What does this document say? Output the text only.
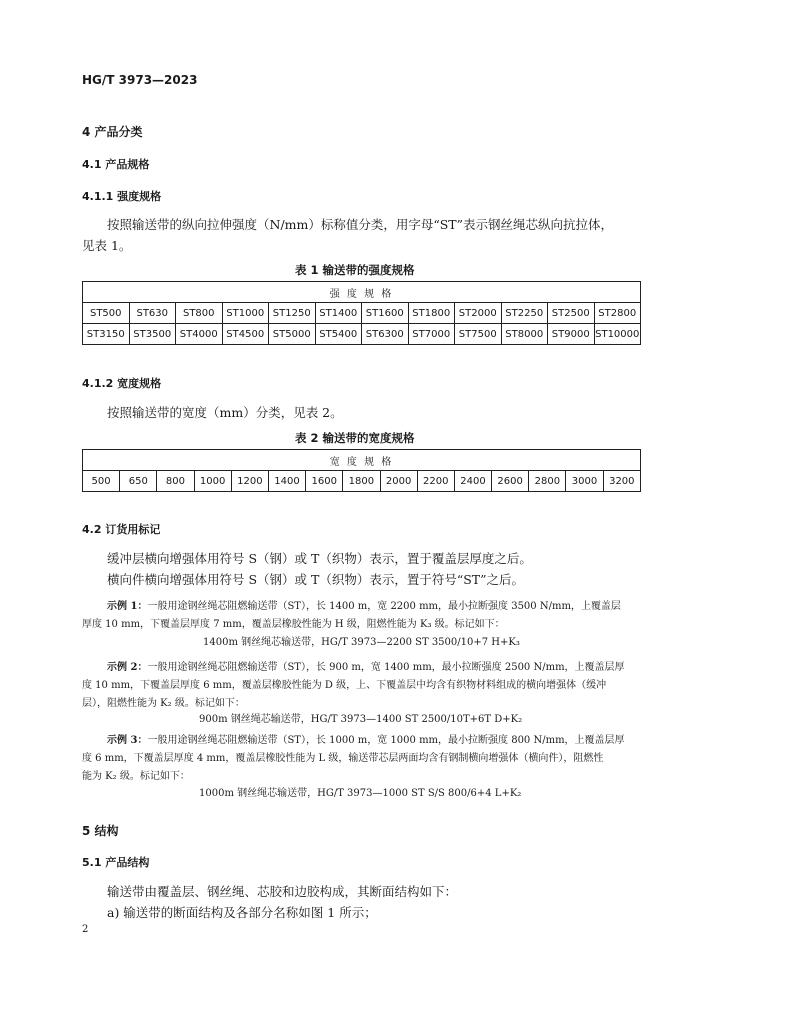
HG/T 3973—2023
4 产品分类
4.1 产品规格
4.1.1 强度规格
按照输送带的纵向拉伸强度（N/mm）标称值分类，用字母“ST”表示钢丝绳芯纵向抗拉体，
见表 1。
表 1 输送带的强度规格
强 度 规 格											
ST500	ST630	ST800	ST1000	ST1250	ST1400	ST1600	ST1800	ST2000	ST2250	ST2500	ST2800
ST3150	ST3500	ST4000	ST4500	ST5000	ST5400	ST6300	ST7000	ST7500	ST8000	ST9000	ST10000
4.1.2 宽度规格
按照输送带的宽度（mm）分类，见表 2。
表 2 输送带的宽度规格
宽 度 规 格
500	650	800	1000	1200	1400	1600	1800	2000	2200	2400	2600	2800	3000	3200
4.2 订货用标记
缓冲层横向增强体用符号 S（钢）或 T（织物）表示，置于覆盖层厚度之后。
横向件横向增强体用符号 S（钢）或 T（织物）表示，置于符号“ST”之后。
示例 1：一般用途钢丝绳芯阻燃输送带（ST），长 1400 m，宽 2200 mm，最小拉断强度 3500 N/mm，上覆盖层
厚度 10 mm，下覆盖层厚度 7 mm，覆盖层橡胶性能为 H 级，阻燃性能为 K₃ 级。标记如下：
1400m 钢丝绳芯输送带，HG/T 3973—2200 ST 3500/10+7 H+K₃
示例 2：一般用途钢丝绳芯阻燃输送带（ST），长 900 m，宽 1400 mm，最小拉断强度 2500 N/mm，上覆盖层厚
度 10 mm，下覆盖层厚度 6 mm，覆盖层橡胶性能为 D 级，上、下覆盖层中均含有织物材料组成的横向增强体（缓冲
层），阻燃性能为 K₂ 级。标记如下：
900m 钢丝绳芯输送带，HG/T 3973—1400 ST 2500/10T+6T D+K₂
示例 3：一般用途钢丝绳芯阻燃输送带（ST），长 1000 m，宽 1000 mm，最小拉断强度 800 N/mm，上覆盖层厚
度 6 mm，下覆盖层厚度 4 mm，覆盖层橡胶性能为 L 级，输送带芯层两面均含有钢制横向增强体（横向件），阻燃性
能为 K₂ 级。标记如下：
1000m 钢丝绳芯输送带，HG/T 3973—1000 ST S/S 800/6+4 L+K₂
5 结构
5.1 产品结构
输送带由覆盖层、钢丝绳、芯胶和边胶构成，其断面结构如下：
a) 输送带的断面结构及各部分名称如图 1 所示；
2
